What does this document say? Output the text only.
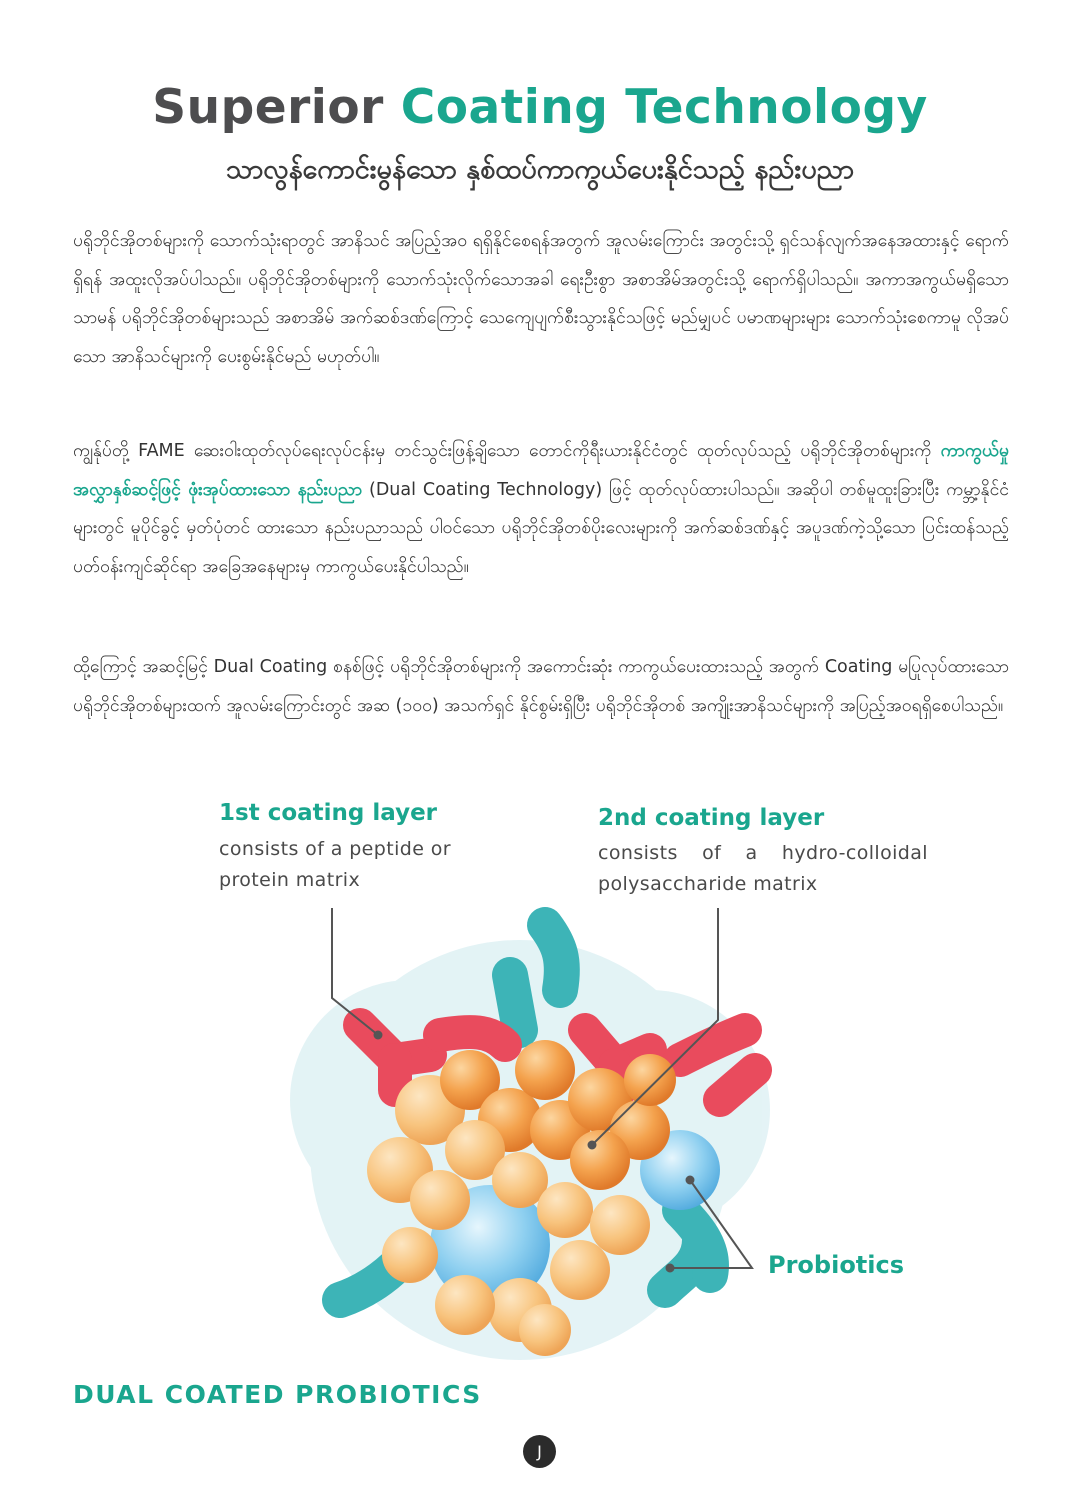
Superior Coating Technology
သာလွန်ကောင်းမွန်သော နှစ်ထပ်ကာကွယ်ပေးနိုင်သည့် နည်းပညာ

ပရိုဘိုင်အိုတစ်များကို သောက်သုံးရာတွင် အာနိသင် အပြည့်အဝ ရရှိနိုင်စေရန်အတွက် အူလမ်းကြောင်း အတွင်းသို့ ရှင်သန်လျက်အနေအထားနှင့် ရောက်ရှိရန် အထူးလိုအပ်ပါသည်။ ပရိုဘိုင်အိုတစ်များကို သောက်သုံးလိုက်သောအခါ ရေးဦးစွာ အစာအိမ်အတွင်းသို့ ရောက်ရှိပါသည်။ အကာအကွယ်မရှိသော သာမန် ပရိုဘိုင်အိုတစ်များသည် အစာအိမ် အက်ဆစ်ဒဏ်ကြောင့် သေကျေပျက်စီးသွားနိုင်သဖြင့် မည်မျှပင် ပမာဏများများ သောက်သုံးစေကာမူ လိုအပ်သော အာနိသင်များကို ပေးစွမ်းနိုင်မည် မဟုတ်ပါ။

ကျွန်ုပ်တို့ FAME ဆေးဝါးထုတ်လုပ်ရေးလုပ်ငန်းမှ တင်သွင်းဖြန့်ချိသော တောင်ကိုရီးယားနိုင်ငံတွင် ထုတ်လုပ်သည့် ပရိုဘိုင်အိုတစ်များကို ကာကွယ်မှုအလွှာနှစ်ဆင့်ဖြင့် ဖုံးအုပ်ထားသော နည်းပညာ (Dual Coating Technology) ဖြင့် ထုတ်လုပ်ထားပါသည်။ အဆိုပါ တစ်မူထူးခြားပြီး ကမ္ဘာ့နိုင်ငံများတွင် မူပိုင်ခွင့် မှတ်ပုံတင် ထားသော နည်းပညာသည် ပါဝင်သော ပရိုဘိုင်အိုတစ်ပိုးလေးများကို အက်ဆစ်ဒဏ်နှင့် အပူဒဏ်ကဲ့သို့သော ပြင်းထန်သည့် ပတ်ဝန်းကျင်ဆိုင်ရာ အခြေအနေများမှ ကာကွယ်ပေးနိုင်ပါသည်။

ထို့ကြောင့် အဆင့်မြင့် Dual Coating စနစ်ဖြင့် ပရိုဘိုင်အိုတစ်များကို အကောင်းဆုံး ကာကွယ်ပေးထားသည့် အတွက် Coating မပြုလုပ်ထားသော ပရိုဘိုင်အိုတစ်များထက် အူလမ်းကြောင်းတွင် အဆ (၁၀၀) အသက်ရှင် နိုင်စွမ်းရှိပြီး ပရိုဘိုင်အိုတစ် အကျိုးအာနိသင်များကို အပြည့်အဝရရှိစေပါသည်။

1st coating layer

consists of a peptide or protein matrix

2nd coating layer

consists of a hydro-colloidal polysaccharide matrix

Probiotics

DUAL COATED PROBIOTICS
J
